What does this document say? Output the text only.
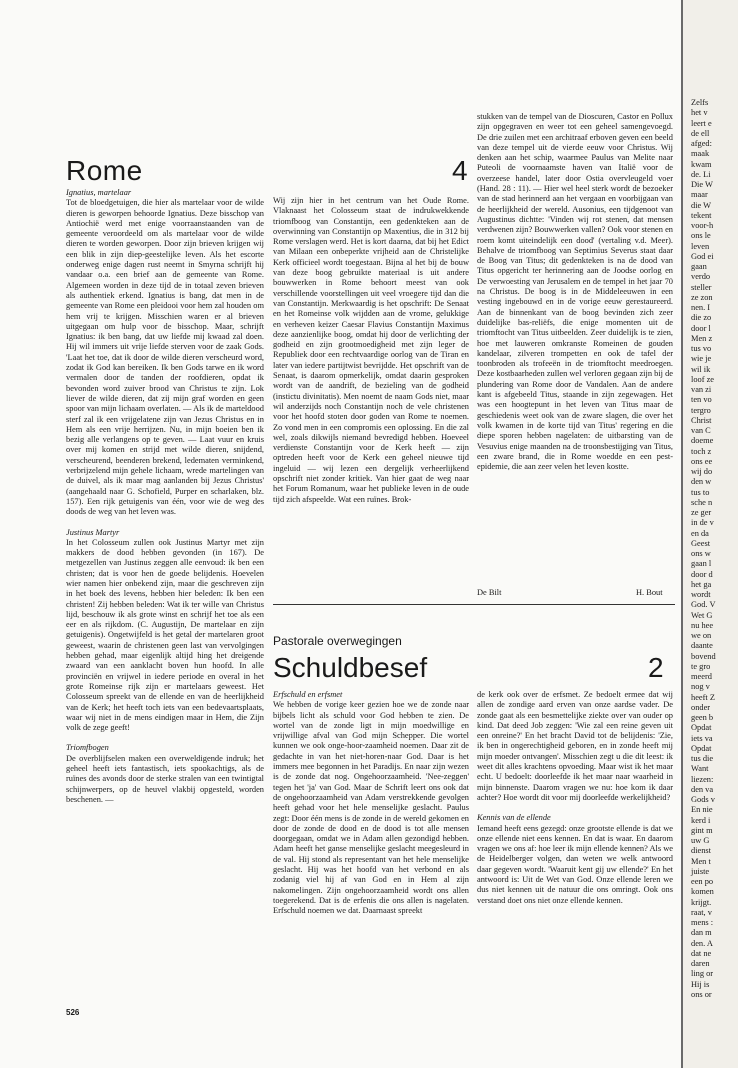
Rome	4

Ignatius, martelaar

Tot de bloedgetuigen, die hier als martelaar voor de wilde dieren is geworpen behoorde Ignatius. Deze bisschop van Antiochië werd met enige voorraanstaanden van de gemeente veroordeeld om als martelaar voor de wilde dieren te worden geworpen. Door zijn brieven krijgen wij een blik in zijn diep-geestelijke leven. Als het escorte onderweg enige dagen rust neemt in Smyrna schrijft hij vandaar o.a. een brief aan de gemeente van Rome. Algemeen worden in deze tijd de in totaal zeven brieven als authentiek erkend. Ignatius is bang, dat men in de gemeente van Rome een pleidooi voor hem zal houden om hem vrij te krijgen. Misschien waren er al brieven uitgegaan om hulp voor de bisschop. Maar, schrijft Ignatius: ik ben bang, dat uw liefde mij kwaad zal doen. Hij wil immers uit vrije liefde sterven voor de zaak Gods. 'Laat het toe, dat ik door de wilde dieren verscheurd word, zodat ik God kan bereiken. Ik ben Gods tarwe en ik word vermalen door de tanden der roofdieren, opdat ik bevonden word zuiver brood van Christus te zijn. Lok liever de wilde dieren, dat zij mijn graf worden en geen spoor van mijn lichaam overlaten. — Als ik de marteldood sterf zal ik een vrijgelatene zijn van Jezus Christus en in Hem als een vrije herrijzen. Nu, in mijn boeien ben ik bezig alle verlangens op te geven. — Laat vuur en kruis over mij komen en strijd met wilde dieren, snijdend, verscheurend, beenderen brekend, ledematen verminkend, verbrijzelend mijn gehele lichaam, wrede martelingen van de duivel, als ik maar mag aanlanden bij Jezus Christus' (aangehaald naar G. Schofield, Purper en scharlaken, blz. 157). Een rijk getuigenis van één, voor wie de weg des doods de weg van het leven was.

Justinus Martyr

In het Colosseum zullen ook Justinus Martyr met zijn makkers de dood hebben gevonden (in 167). De metgezellen van Justinus zeggen alle eenvoud: ik ben een christen; dat is voor hen de goede belijdenis. Hoevelen wier namen hier onbekend zijn, maar die geschreven zijn in het boek des levens, hebben hier beleden: Ik ben een christen! Zij hebben beleden: Wat ik ter wille van Christus lijd, beschouw ik als grote winst en schrijf het toe als een eer en als rijkdom. (C. Augustijn, De martelaar en zijn getuigenis). Ongetwijfeld is het getal der martelaren groot geweest, waarin de christenen geen last van vervolgingen hebben gehad, maar eigenlijk altijd hing het dreigende zwaard van een aanklacht boven hun hoofd. In alle provinciën en vrijwel in iedere periode en overal in het grote Romeinse rijk zijn er martelaars geweest. Het Colosseum spreekt van de ellende en van de heerlijkheid van de Kerk; het heeft toch iets van een bedevaartsplaats, waar wij niet in de mens eindigen maar in Hem, die Zijn volk de zege geeft!

Triomfbogen

De overblijfselen maken een overweldigende indruk; het geheel heeft iets fantastisch, iets spookachtigs, als de ruïnes des avonds door de sterke stralen van een twintigtal schijnwerpers, op de heuvel vlakbij opgesteld, worden beschenen. —

Wij zijn hier in het centrum van het Oude Rome. Vlaknaast het Colosseum staat de indrukwekkende triomfboog van Constantijn, een gedenkteken aan de overwinning van Constantijn op Maxentius, die in 312 bij Rome verslagen werd. Het is kort daarna, dat bij het Edict van Milaan een onbeperkte vrijheid aan de Christelijke Kerk officieel wordt toegestaan. Bijna al het bij de bouw van deze boog gebruikte materiaal is uit andere bouwwerken in Rome behoort meest van ook verschillende voorstellingen uit veel vroegere tijd dan die van Constantijn. Merkwaardig is het opschrift: De Senaat en het Romeinse volk wijdden aan de vrome, gelukkige en verheven keizer Caesar Flavius Constantijn Maximus deze aanzienlijke boog, omdat hij door de verlichting der godheid en zijn grootmoedigheid met zijn leger de Republiek door een rechtvaardige oorlog van de Tiran en later van iedere partijtwist bevrijdde. Het opschrift van de Senaat, is daarom opmerkelijk, omdat daarin gesproken wordt van de aandrift, de bezieling van de godheid (instictu divinitatis). Men noemt de naam Gods niet, maar wil anderzijds noch Constantijn noch de vele christenen voor het hoofd stoten door goden van Rome te noemen. Zo vond men in een compromis een oplossing. En die zal wel, zoals dikwijls niemand bevredigd hebben. Hoeveel verdienste Constantijn voor de Kerk heeft — zijn optreden heeft voor de Kerk een geheel nieuwe tijd ingeluid — wij lezen een dergelijk verheerlijkend opschrift niet zonder kritiek. Van hier gaat de weg naar het Forum Romanum, waar het publieke leven in de oude tijd zich afspeelde. Wat een ruïnes. Brok-

stukken van de tempel van de Dioscuren, Castor en Pollux zijn opgegraven en weer tot een geheel samengevoegd. De drie zuilen met een architraaf erboven geven een beeld van deze tempel uit de vierde eeuw voor Christus. Wij denken aan het schip, waarmee Paulus van Melite naar Puteoli de voornaamste haven van Italië voor de overzeese handel, later door Ostia overvleugeld voer (Hand. 28 : 11). — Hier wel heel sterk wordt de bezoeker van de stad herinnerd aan het vergaan en voorbijgaan van de heerlijkheid der wereld. Ausonius, een tijdgenoot van Augustinus dichtte: 'Vinden wij rot stenen, dat mensen verdwenen zijn? Bouwwerken vallen? Ook voor stenen en roem komt uiteindelijk een dood' (vertaling v.d. Meer). Behalve de triomfboog van Septimius Severus staat daar de Boog van Titus; dit gedenkteken is na de dood van Titus opgericht ter herinnering aan de Joodse oorlog en De verwoesting van Jerusalem en de tempel in het jaar 70 na Christus. De boog is in de Middeleeuwen in een vesting ingebouwd en in de vorige eeuw gerestaureerd. Aan de binnenkant van de boog bevinden zich zeer duidelijke bas-reliëfs, die enige momenten uit de triomftocht van Titus uitbeelden. Zeer duidelijk is te zien, hoe met lauweren omkranste Romeinen de gouden kandelaar, zilveren trompetten en ook de tafel der toonbroden als trofeeën in de triomftocht meedroegen. Deze kostbaarheden zullen wel verloren gegaan zijn bij de plundering van Rome door de Vandalen. Aan de andere kant is afgebeeld Titus, staande in zijn zegewagen. Het was een hoogtepunt in het leven van Titus maar de geschiedenis weet ook van de zware slagen, die over het volk kwamen in de korte tijd van Titus' regering en die diepe sporen hebben nagelaten: de uitbarsting van de Vesuvius enige maanden na de troonsbestijging van Titus, een zware brand, die in Rome woedde en een pest-epidemie, die aan zeer velen het leven kostte.

De Bilt	H. Bout
Pastorale overwegingen
Schuldbesef	2

Erfschuld en erfsmet

We hebben de vorige keer gezien hoe we de zonde naar bijbels licht als schuld voor God hebben te zien. De wortel van de zonde ligt in mijn moedwillige en vrijwillige afval van God mijn Schepper. Die wortel kunnen we ook onge-hoor-zaamheid noemen. Daar zit de gedachte in van het niet-horen-naar God. Daar is het immers mee begonnen in het Paradijs. En naar zijn wezen is de zonde dat nog. Ongehoorzaamheid. 'Nee-zeggen' tegen het 'ja' van God. Maar de Schrift leert ons ook dat de ongehoorzaamheid van Adam verstrekkende gevolgen heeft gehad voor het hele menselijke geslacht. Paulus zegt: Door één mens is de zonde in de wereld gekomen en door de zonde de dood en de dood is tot alle mensen doorgegaan, omdat we in Adam allen gezondigd hebben. Adam heeft het ganse menselijke geslacht meegesleurd in de val. Hij stond als representant van het hele menselijke geslacht. Hij was het hoofd van het verbond en als zodanig viel hij af van God en in Hem al zijn nakomelingen. Zijn ongehoorzaamheid wordt ons allen toegerekend. Dat is de erfenis die ons allen is nagelaten. Erfschuld noemen we dat. Daarnaast spreekt

de kerk ook over de erfsmet. Ze bedoelt ermee dat wij allen de zondige aard erven van onze aardse vader. De zonde gaat als een besmettelijke ziekte over van ouder op kind. Dat deed Job zeggen: 'Wie zal een reine geven uit een onreine?' En het bracht David tot de belijdenis: 'Zie, ik ben in ongerechtigheid geboren, en in zonde heeft mij mijn moeder ontvangen'. Misschien zegt u die dit leest: ik weet dit alles krachtens opvoeding. Maar wist ik het maar echt. U bedoelt: doorleefde ik het maar naar waarheid in mijn binnenste. Daarom vragen we nu: hoe kom ik daar achter? Hoe wordt dit voor mij doorleefde werkelijkheid?

Kennis van de ellende

Iemand heeft eens gezegd: onze grootste ellende is dat we onze ellende niet eens kennen. En dat is waar. En daarom vragen we ons af: hoe leer ik mijn ellende kennen? Als we de Heidelberger volgen, dan weten we welk antwoord daar gegeven wordt. 'Waaruit kent gij uw ellende?' En het antwoord is: Uit de Wet van God. Onze ellende leren we dus niet kennen uit de natuur die ons omringt. Ook ons verstand doet ons niet onze ellende kennen.

526
Zelfs
het v
leert e
de ell
afged:
maak
kwam
de. Li
Die W
maar
die W
tekent
voor-h
ons le
leven
God ei
gaan
verdo
steller
ze zon
nen. I
die zo
door l
Men z
tus vo
wie je
wil ik
loof ze
van zi
ten vo
tergro
Christ
van C
doeme
toch z
ons ee
wij do
den w
tus to
sche n
ze ger
in de v
en da
Geest
ons w
gaan l
door d
het ga
wordt
God. V
Wet G
nu hee
we on
daante
bovend
te gro
meerd
nog v
heeft Z
onder
geen b
Opdat
iets va
Opdat
tus die
Want
liezen:
den va
Gods v
En nie
kerd i
gint m
uw G
dienst
Men t
juiste
een po
komen
krijgt.
raat, v
mens :
dan m
den. A
dat ne
daren
ling or
Hij is
ons or
